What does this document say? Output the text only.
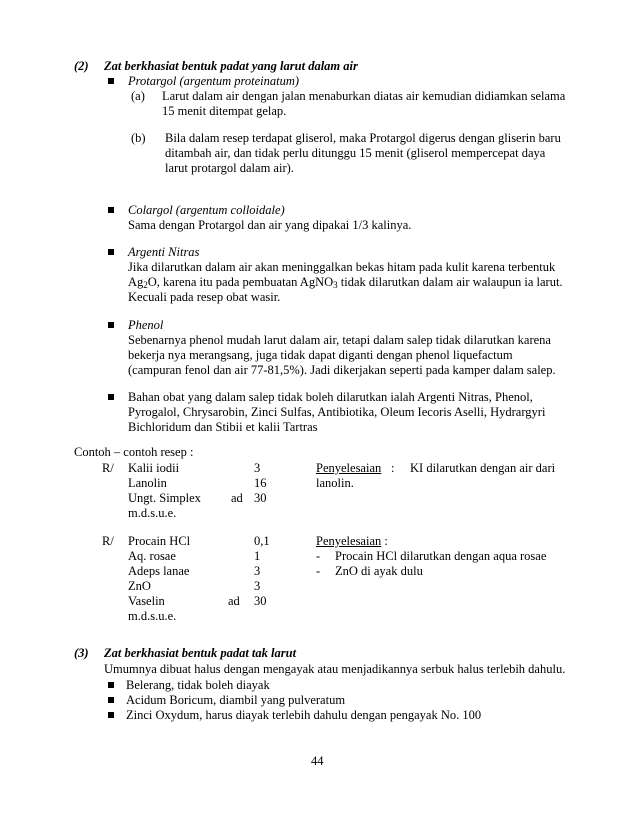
(2) Zat berkhasiat bentuk padat yang larut dalam air
Protargol (argentum proteinatum)
(a) Larut dalam air dengan jalan menaburkan diatas air kemudian didiamkan selama
15 menit ditempat gelap.
(b) Bila dalam resep terdapat gliserol, maka Protargol digerus dengan gliserin baru
ditambah air, dan tidak perlu ditunggu 15 menit (gliserol mempercepat daya
larut protargol dalam air).
Colargol (argentum colloidale)
Sama dengan Protargol dan air yang dipakai 1/3 kalinya.
Argenti Nitras
Jika dilarutkan dalam air akan meninggalkan bekas hitam pada kulit karena terbentuk
$Ag_2O$, karena itu pada pembuatan AgNO$_3$ tidak dilarutkan dalam air walaupun ia larut.
Kecuali pada resep obat wasir.
Phenol
Sebenarnya phenol mudah larut dalam air, tetapi dalam salep tidak dilarutkan karena
bekerja nya merangsang, juga tidak dapat diganti dengan phenol liquefactum
(campuran fenol dan air 77-81,5%). Jadi dikerjakan seperti pada kamper dalam salep.
Bahan obat yang dalam salep tidak boleh dilarutkan ialah Argenti Nitras, Phenol,
Pyrogalol, Chrysarobin, Zinci Sulfas, Antibiotika, Oleum Iecoris Aselli, Hydrargyri
Bichloridum dan Stibii et kalii Tartras
Contoh – contoh resep :
R/ Kalii iodii
Lanolin
Ungt. Simplex
m.d.s.u.e.
ad
3
16
30
Penyelesaian : KI dilarutkan dengan air dari
lanolin.
R/ Procain HCl
Aq. rosae
Adeps lanae
ZnO
Vaselin
m.d.s.u.e.
ad
0,1
1
3
3
30
Penyelesaian :
- Procain HCl dilarutkan dengan aqua rosae
- ZnO di ayak dulu
(3) Zat berkhasiat bentuk padat tak larut
Umumnya dibuat halus dengan mengayak atau menjadikannya serbuk halus terlebih dahulu.
Belerang, tidak boleh diayak
Acidum Boricum, diambil yang pulveratum
Zinci Oxydum, harus diayak terlebih dahulu dengan pengayak No. 100
44
